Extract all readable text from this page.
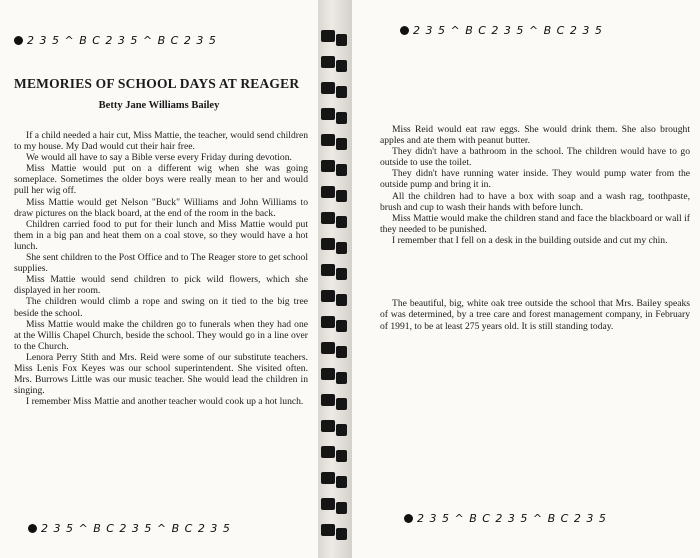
2 3 5 ^ B C 2 3 5 ^ B C 2 3 5
MEMORIES OF SCHOOL DAYS AT REAGER
Betty Jane Williams Bailey

If a child needed a hair cut, Miss Mattie, the teacher, would send children to my house. My Dad would cut their hair free.

We would all have to say a Bible verse every Friday during devotion.

Miss Mattie would put on a different wig when she was going someplace. Sometimes the older boys were really mean to her and would pull her wig off.

Miss Mattie would get Nelson "Buck" Williams and John Williams to draw pictures on the black board, at the end of the room in the back.

Children carried food to put for their lunch and Miss Mattie would put them in a big pan and heat them on a coal stove, so they would have a hot lunch.

She sent children to the Post Office and to The Reager store to get school supplies.

Miss Mattie would send children to pick wild flowers, which she displayed in her room.

The children would climb a rope and swing on it tied to the big tree beside the school.

Miss Mattie would make the children go to funerals when they had one at the Willis Chapel Church, beside the school. They would go in a line over to the Church.

Lenora Perry Stith and Mrs. Reid were some of our substitute teachers. Miss Lenis Fox Keyes was our school superintendent. She visited often. Mrs. Burrows Little was our music teacher. She would lead the children in singing.

I remember Miss Mattie and another teacher would cook up a hot lunch.

2 3 5 ^ B C 2 3 5 ^ B C 2 3 5
2 3 5 ^ B C 2 3 5 ^ B C 2 3 5

Miss Reid would eat raw eggs. She would drink them. She also brought apples and ate them with peanut butter.

They didn't have a bathroom in the school. The children would have to go outside to use the toilet.

They didn't have running water inside. They would pump water from the outside pump and bring it in.

All the children had to have a box with soap and a wash rag, toothpaste, brush and cup to wash their hands with before lunch.

Miss Mattie would make the children stand and face the blackboard or wall if they needed to be punished.

I remember that I fell on a desk in the building outside and cut my chin.

The beautiful, big, white oak tree outside the school that Mrs. Bailey speaks of was determined, by a tree care and forest management company, in February of 1991, to be at least 275 years old. It is still standing today.

2 3 5 ^ B C 2 3 5 ^ B C 2 3 5
